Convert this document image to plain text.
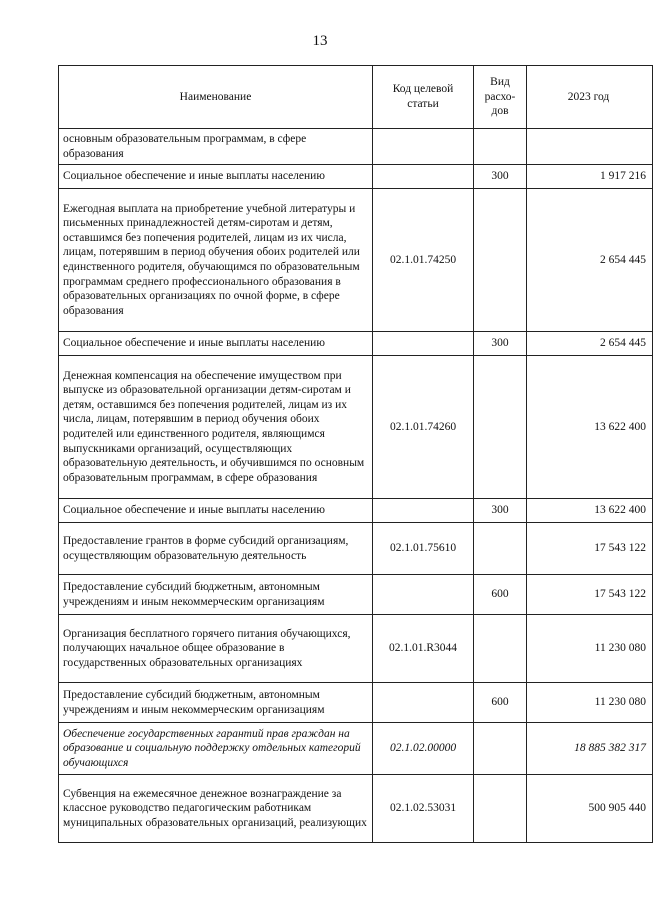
13
Наименование	Код целевой статьи	Вид расхо-дов	2023 год
основным образовательным программам, в сфере образования			
Социальное обеспечение и иные выплаты населению		300	1 917 216
Ежегодная выплата на приобретение учебной литературы и письменных принадлежностей детям-сиротам и детям, оставшимся без попечения родителей, лицам из их числа, лицам, потерявшим в период обучения обоих родителей или единственного родителя, обучающимся по образовательным программам среднего профессионального образования в образовательных организациях по очной форме, в сфере образования	02.1.01.74250		2 654 445
Социальное обеспечение и иные выплаты населению		300	2 654 445
Денежная компенсация на обеспечение имуществом при выпуске из образовательной организации детям-сиротам и детям, оставшимся без попечения родителей, лицам из их числа, лицам, потерявшим в период обучения обоих родителей или единственного родителя, являющимся выпускниками организаций, осуществляющих образовательную деятельность, и обучившимся по основным образовательным программам, в сфере образования	02.1.01.74260		13 622 400
Социальное обеспечение и иные выплаты населению		300	13 622 400
Предоставление грантов в форме субсидий организациям, осуществляющим образовательную деятельность	02.1.01.75610		17 543 122
Предоставление субсидий бюджетным, автономным учреждениям и иным некоммерческим организациям		600	17 543 122
Организация бесплатного горячего питания обучающихся, получающих начальное общее образование в государственных образовательных организациях	02.1.01.R3044		11 230 080
Предоставление субсидий бюджетным, автономным учреждениям и иным некоммерческим организациям		600	11 230 080
Обеспечение государственных гарантий прав граждан на образование и социальную поддержку отдельных категорий обучающихся	02.1.02.00000		18 885 382 317
Субвенция на ежемесячное денежное вознаграждение за классное руководство педагогическим работникам муниципальных образовательных организаций, реализующих	02.1.02.53031		500 905 440
